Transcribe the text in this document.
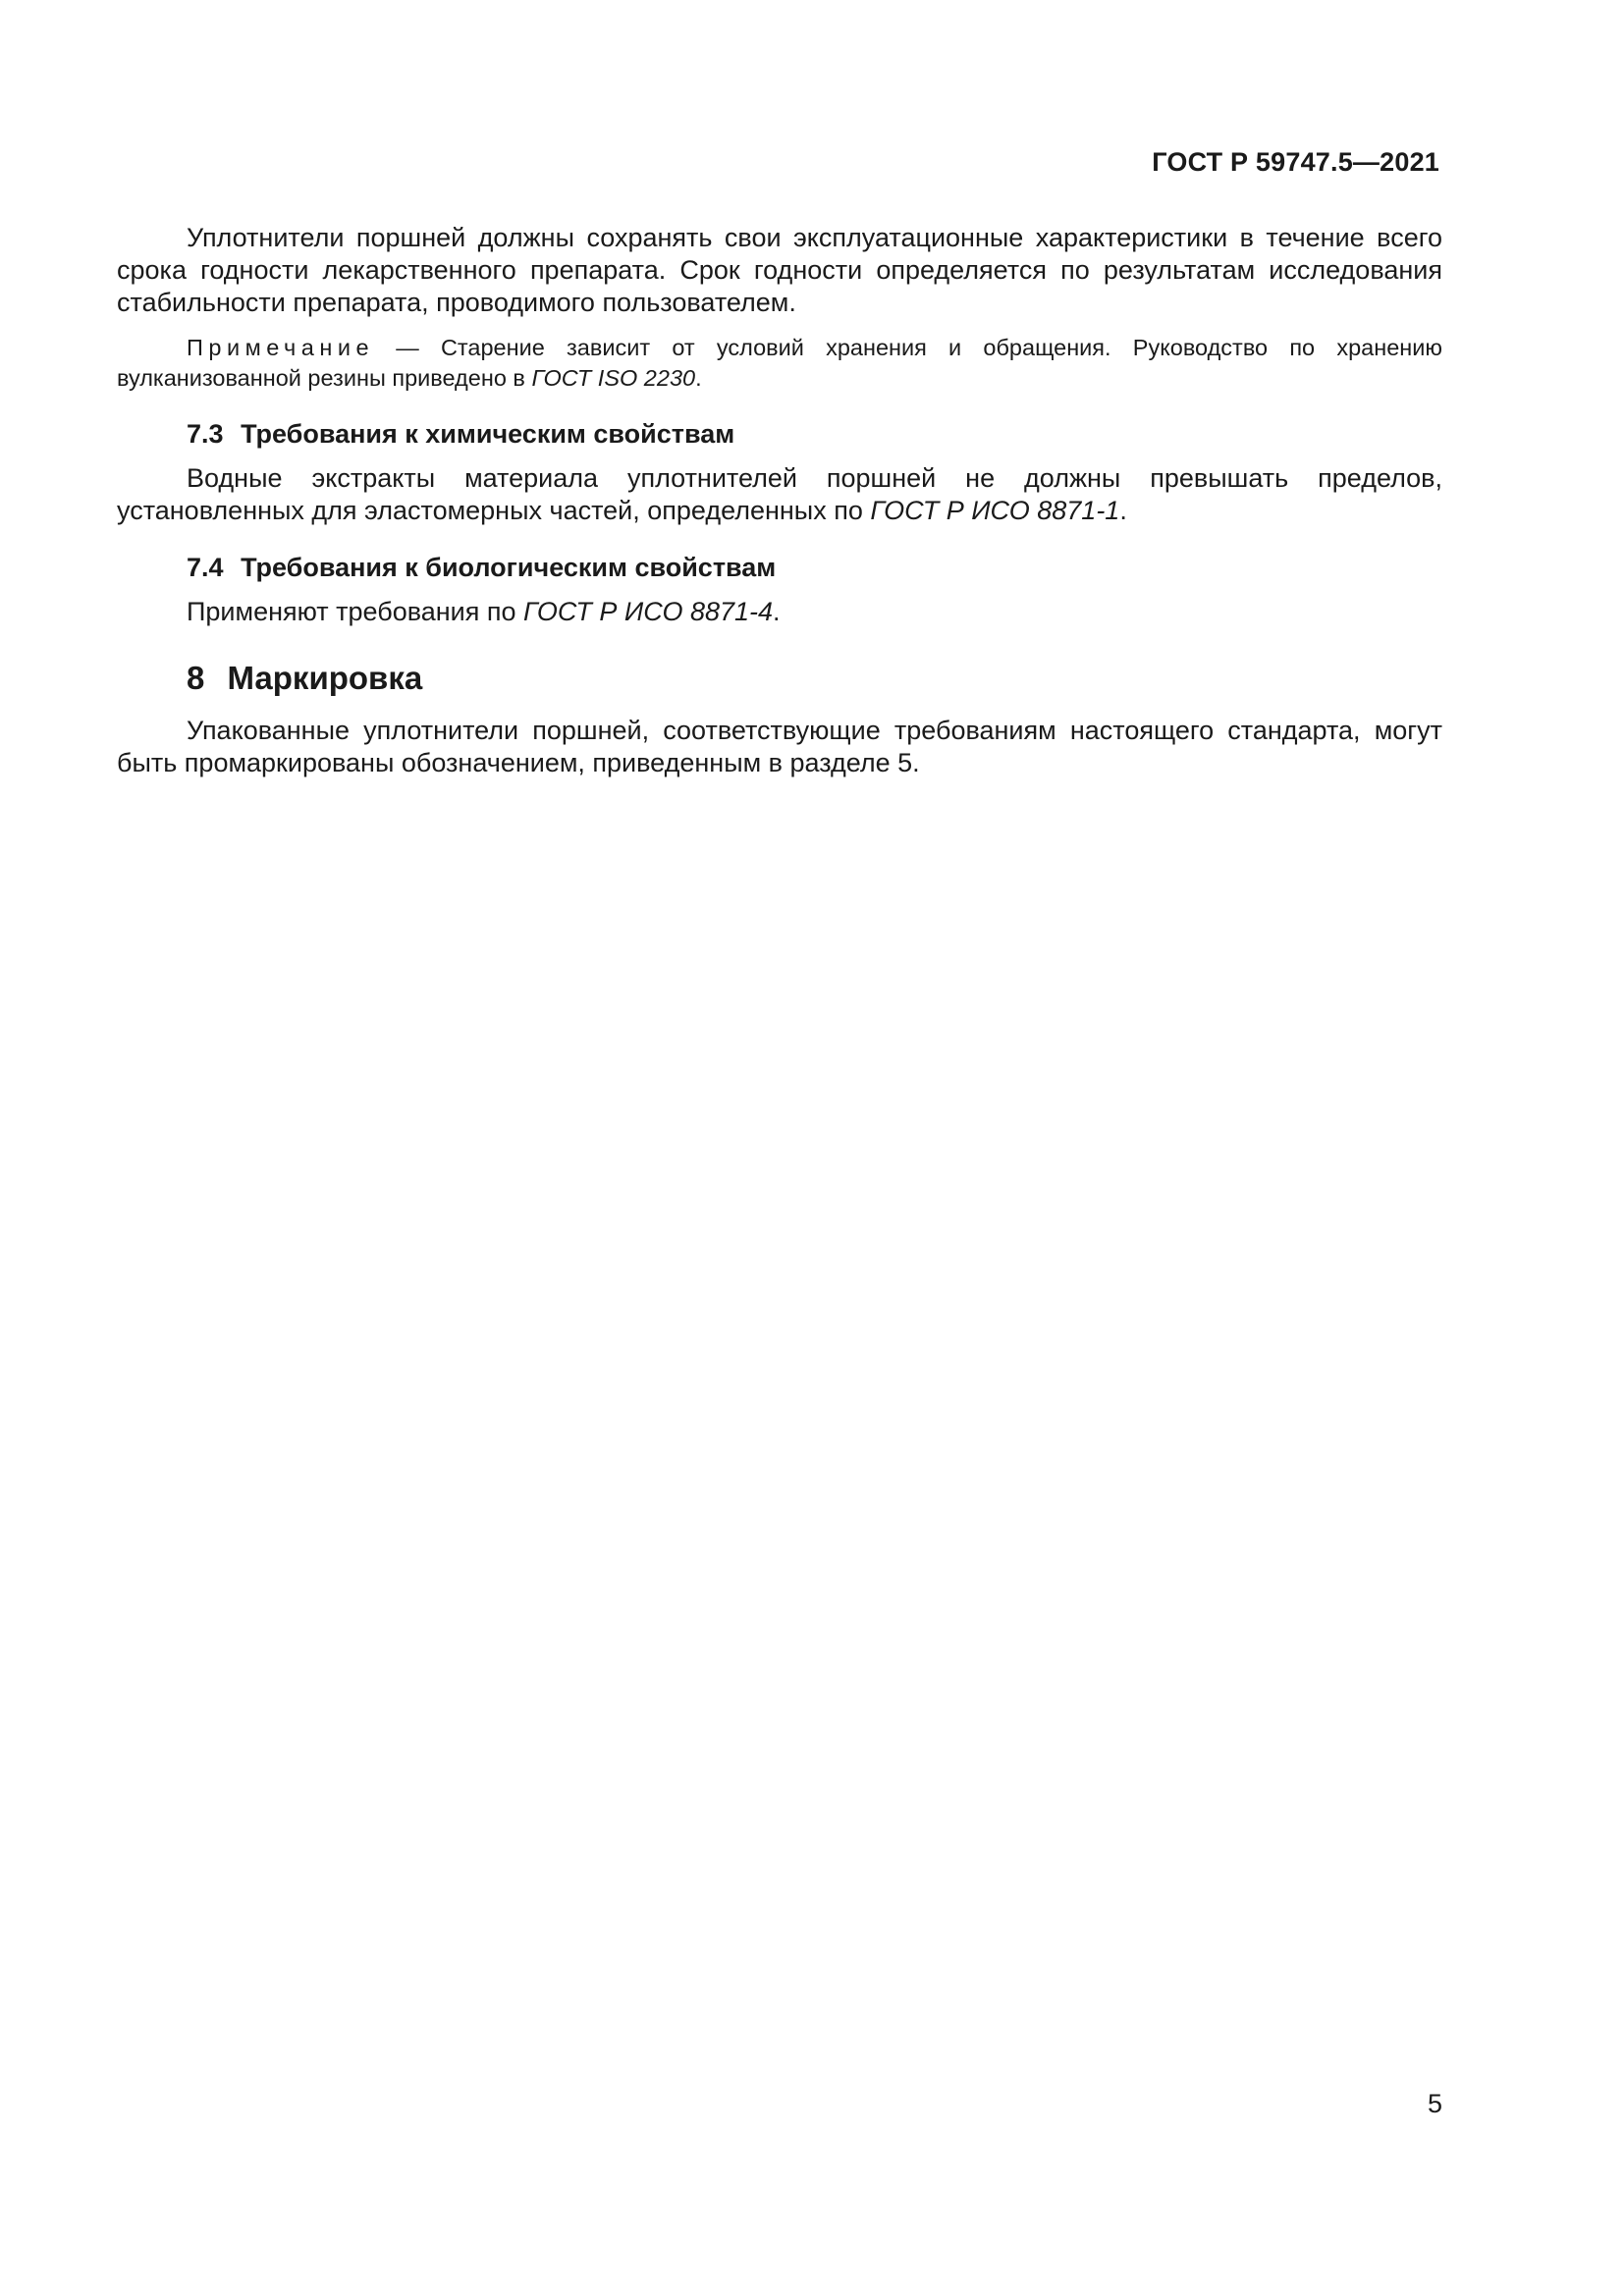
ГОСТ Р 59747.5—2021

Уплотнители поршней должны сохранять свои эксплуатационные характеристики в течение всего срока годности лекарственного препарата. Срок годности определяется по результатам исследования стабильности препарата, проводимого пользователем.

Примечание — Старение зависит от условий хранения и обращения. Руководство по хранению вулканизованной резины приведено в ГОСТ ISO 2230.

7.3 Требования к химическим свойствам

Водные экстракты материала уплотнителей поршней не должны превышать пределов, установленных для эластомерных частей, определенных по ГОСТ Р ИСО 8871-1.

7.4 Требования к биологическим свойствам

Применяют требования по ГОСТ Р ИСО 8871-4.

8 Маркировка

Упакованные уплотнители поршней, соответствующие требованиям настоящего стандарта, могут быть промаркированы обозначением, приведенным в разделе 5.

5
